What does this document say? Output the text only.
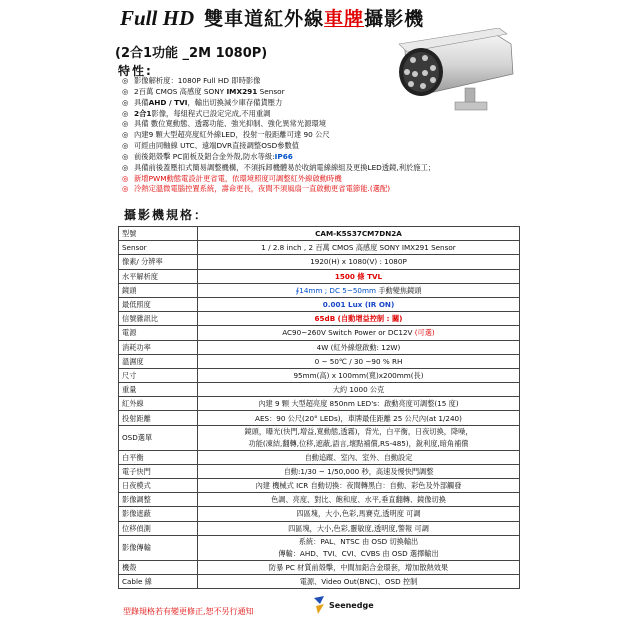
Full HD 雙車道紅外線車牌攝影機
(2合1功能 _2M 1080P)
特性:
◎ 影像解析度：1080P Full HD 即時影像
◎ 2百萬 CMOS 高感度 SONY IMX291 Sensor
◎ 具備AHD / TVI，輸出切換減少庫存備貨壓力
◎ 2合1影像，每組程式已設定完成,不用重調
◎ 具備 數位寬動態、透霧功能、強光抑制、強化異常光源環境
◎ 內建9 顆大型超亮度紅外線LED，投射一般距離可達 90 公尺
◎ 可經由同軸線 UTC、遠端DVR直接調整OSD參數值
◎ 前後鋁殼擊 PC面板及鋁合金外殼,防水等級:IP66
◎ 具備前後蓋壓扣式簡易調整機構，不須拆卸機體易於收納電線線組及更換LED透鏡,利於施工；
◎ 新增PWM動態電設計更省電，依環境照度可調整紅外線啟動時機
◎ 冷熱定溫微電腦控置系統，壽命更長，夜間不須風扇一直啟動更省電節能.(選配)
攝影機規格：
型號	CAM-K5S37CM7DN2A
Sensor	1 / 2.8 inch , 2 百萬 CMOS 高感度 SONY IMX291 Sensor
像素/ 分辨率	1920(H) x 1080(V) : 1080P
水平解析度	1500 條 TVL
鏡頭	∮14mm ; DC 5~50mm 手動變焦鏡頭
最低照度	0.001 Lux (IR ON)
信號雜訊比	65dB (自動增益控制 : 關)
電源	AC90~260V Switch Power or DC12V (可選)
消耗功率	4W (紅外線燈啟動: 12W)
溫濕度	0 ~ 50℃ / 30 ~90 % RH
尺寸	95mm(高) x 100mm(寬)x200mm(長)
重量	大約 1000 公克
紅外線	內建 9 顆 大型超亮度 850nm LED's：啟動亮度可調整(15 度)
投射距離	AES：90 公尺(20° LEDs)，車牌最佳距離 25 公尺內(at 1/240)
OSD選單	鏡頭，曝光(快門,增益,寬動態,透霧)，背光，白平衡，日夜切換，降噪，
功能(凍結,翻轉,位移,遮蔽,語言,壞點補償,RS-485)，銳利度,暗角補償

白平衡	自動追蹤、室內、室外、自動設定
電子快門	自動:1/30 ~ 1/50,000 秒，高速及慢快門調整
日夜模式	內建 機械式 ICR 自動切換：夜間轉黑白：自動、彩色及外部觸發
影像調整	色調、亮度、對比、飽和度、水平,垂直翻轉、鏡像切換
影像遮蔽	四區塊，大小,色彩,馬賽克,透明度 可調
位移偵測	四區塊，大小,色彩,靈敏度,透明度,警報 可調
影像傳輸	系統：PAL、NTSC 由 OSD 切換輸出
傳輸：AHD、TVI、CVI、CVBS 由 OSD 選擇輸出

機殼	防暴 PC 材質前殼擊，中間加鋁合金環套，增加散熱效果
Cable 線	電源、Video Out(BNC)、OSD 控制
型錄規格若有變更修正,恕不另行通知
Seenedge
